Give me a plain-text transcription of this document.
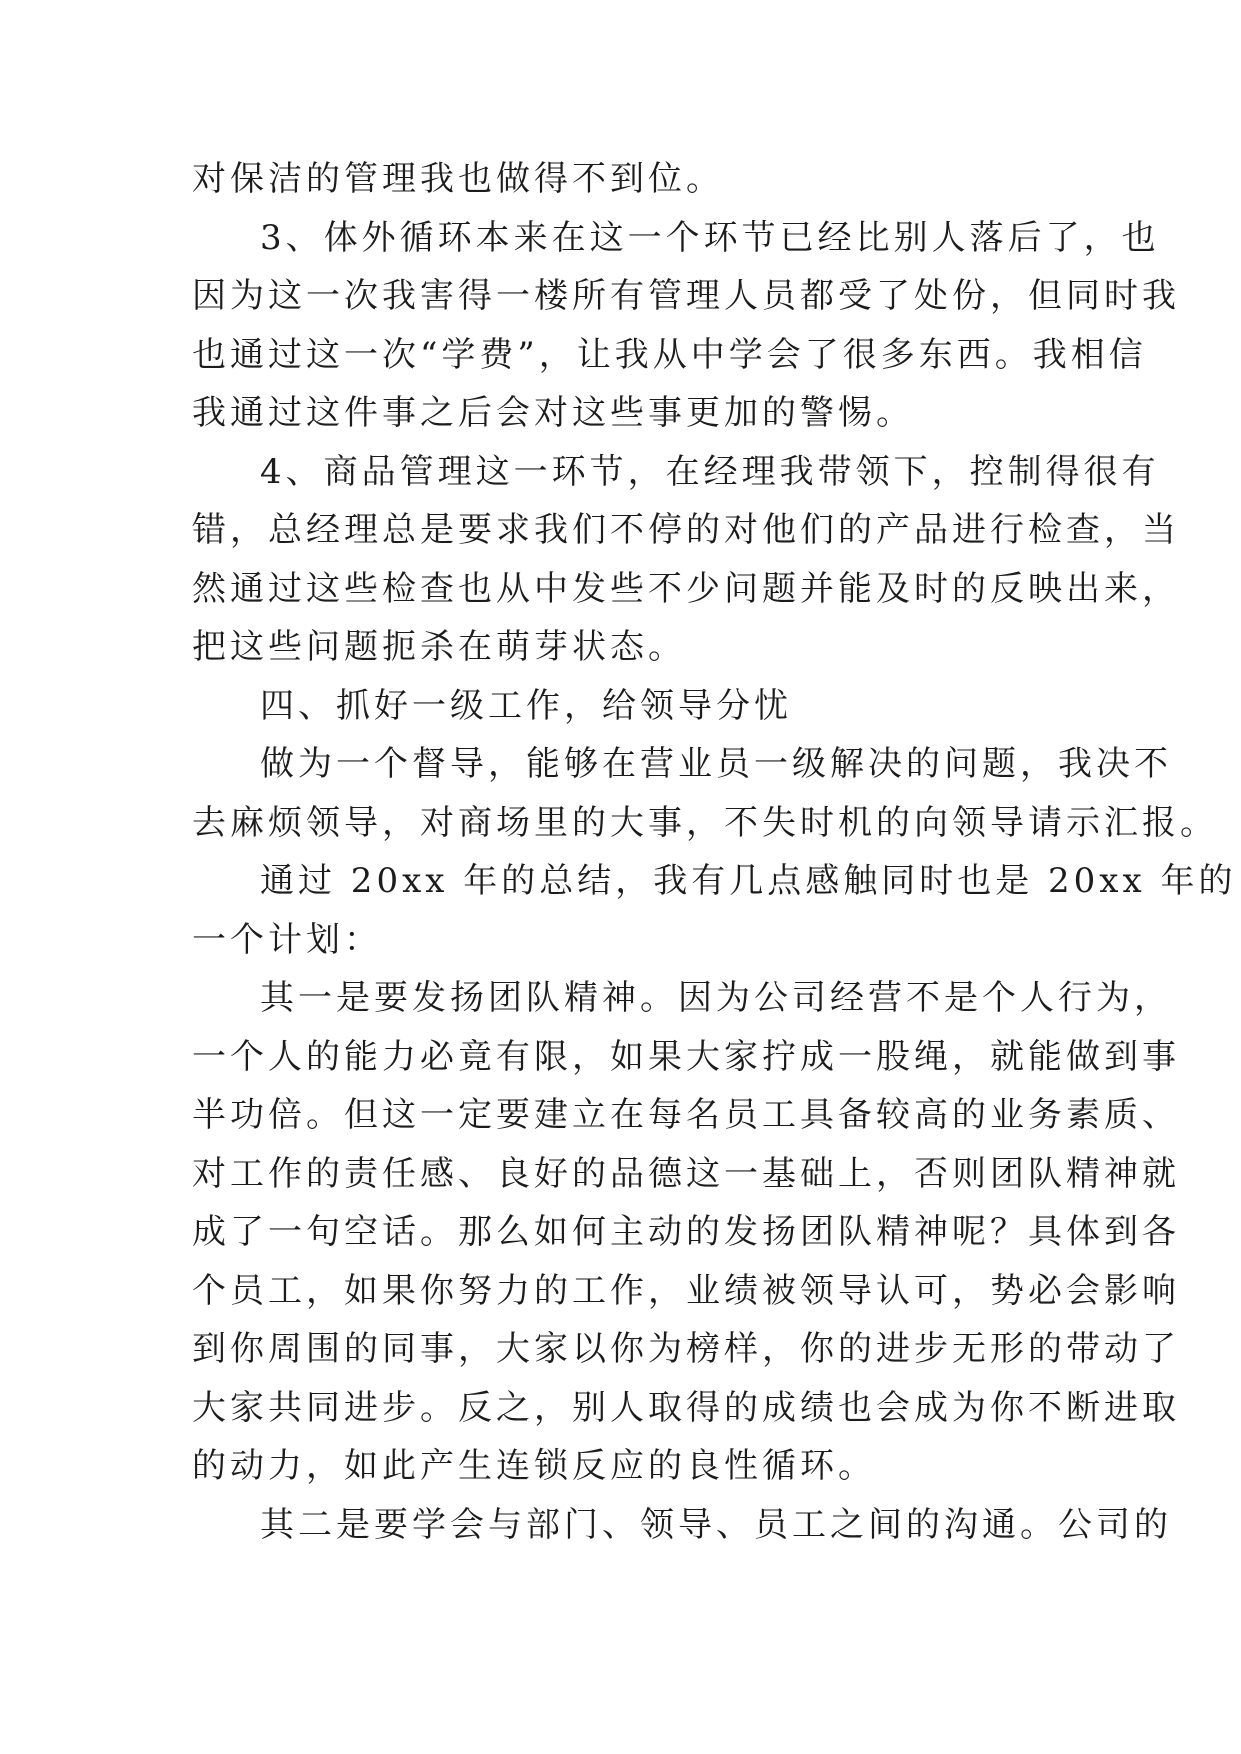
对保洁的管理我也做得不到位。
3、体外循环本来在这一个环节已经比别人落后了，也
因为这一次我害得一楼所有管理人员都受了处份，但同时我
也通过这一次“学费”，让我从中学会了很多东西。我相信
我通过这件事之后会对这些事更加的警惕。
4、商品管理这一环节，在经理我带领下，控制得很有
错，总经理总是要求我们不停的对他们的产品进行检查，当
然通过这些检查也从中发些不少问题并能及时的反映出来，
把这些问题扼杀在萌芽状态。
四、抓好一级工作，给领导分忧
做为一个督导，能够在营业员一级解决的问题，我决不
去麻烦领导，对商场里的大事，不失时机的向领导请示汇报。
通过 20xx 年的总结，我有几点感触同时也是 20xx 年的
一个计划：
其一是要发扬团队精神。因为公司经营不是个人行为，
一个人的能力必竟有限，如果大家拧成一股绳，就能做到事
半功倍。但这一定要建立在每名员工具备较高的业务素质、
对工作的责任感、良好的品德这一基础上，否则团队精神就
成了一句空话。那么如何主动的发扬团队精神呢？具体到各
个员工，如果你努力的工作，业绩被领导认可，势必会影响
到你周围的同事，大家以你为榜样，你的进步无形的带动了
大家共同进步。反之，别人取得的成绩也会成为你不断进取
的动力，如此产生连锁反应的良性循环。
其二是要学会与部门、领导、员工之间的沟通。公司的
